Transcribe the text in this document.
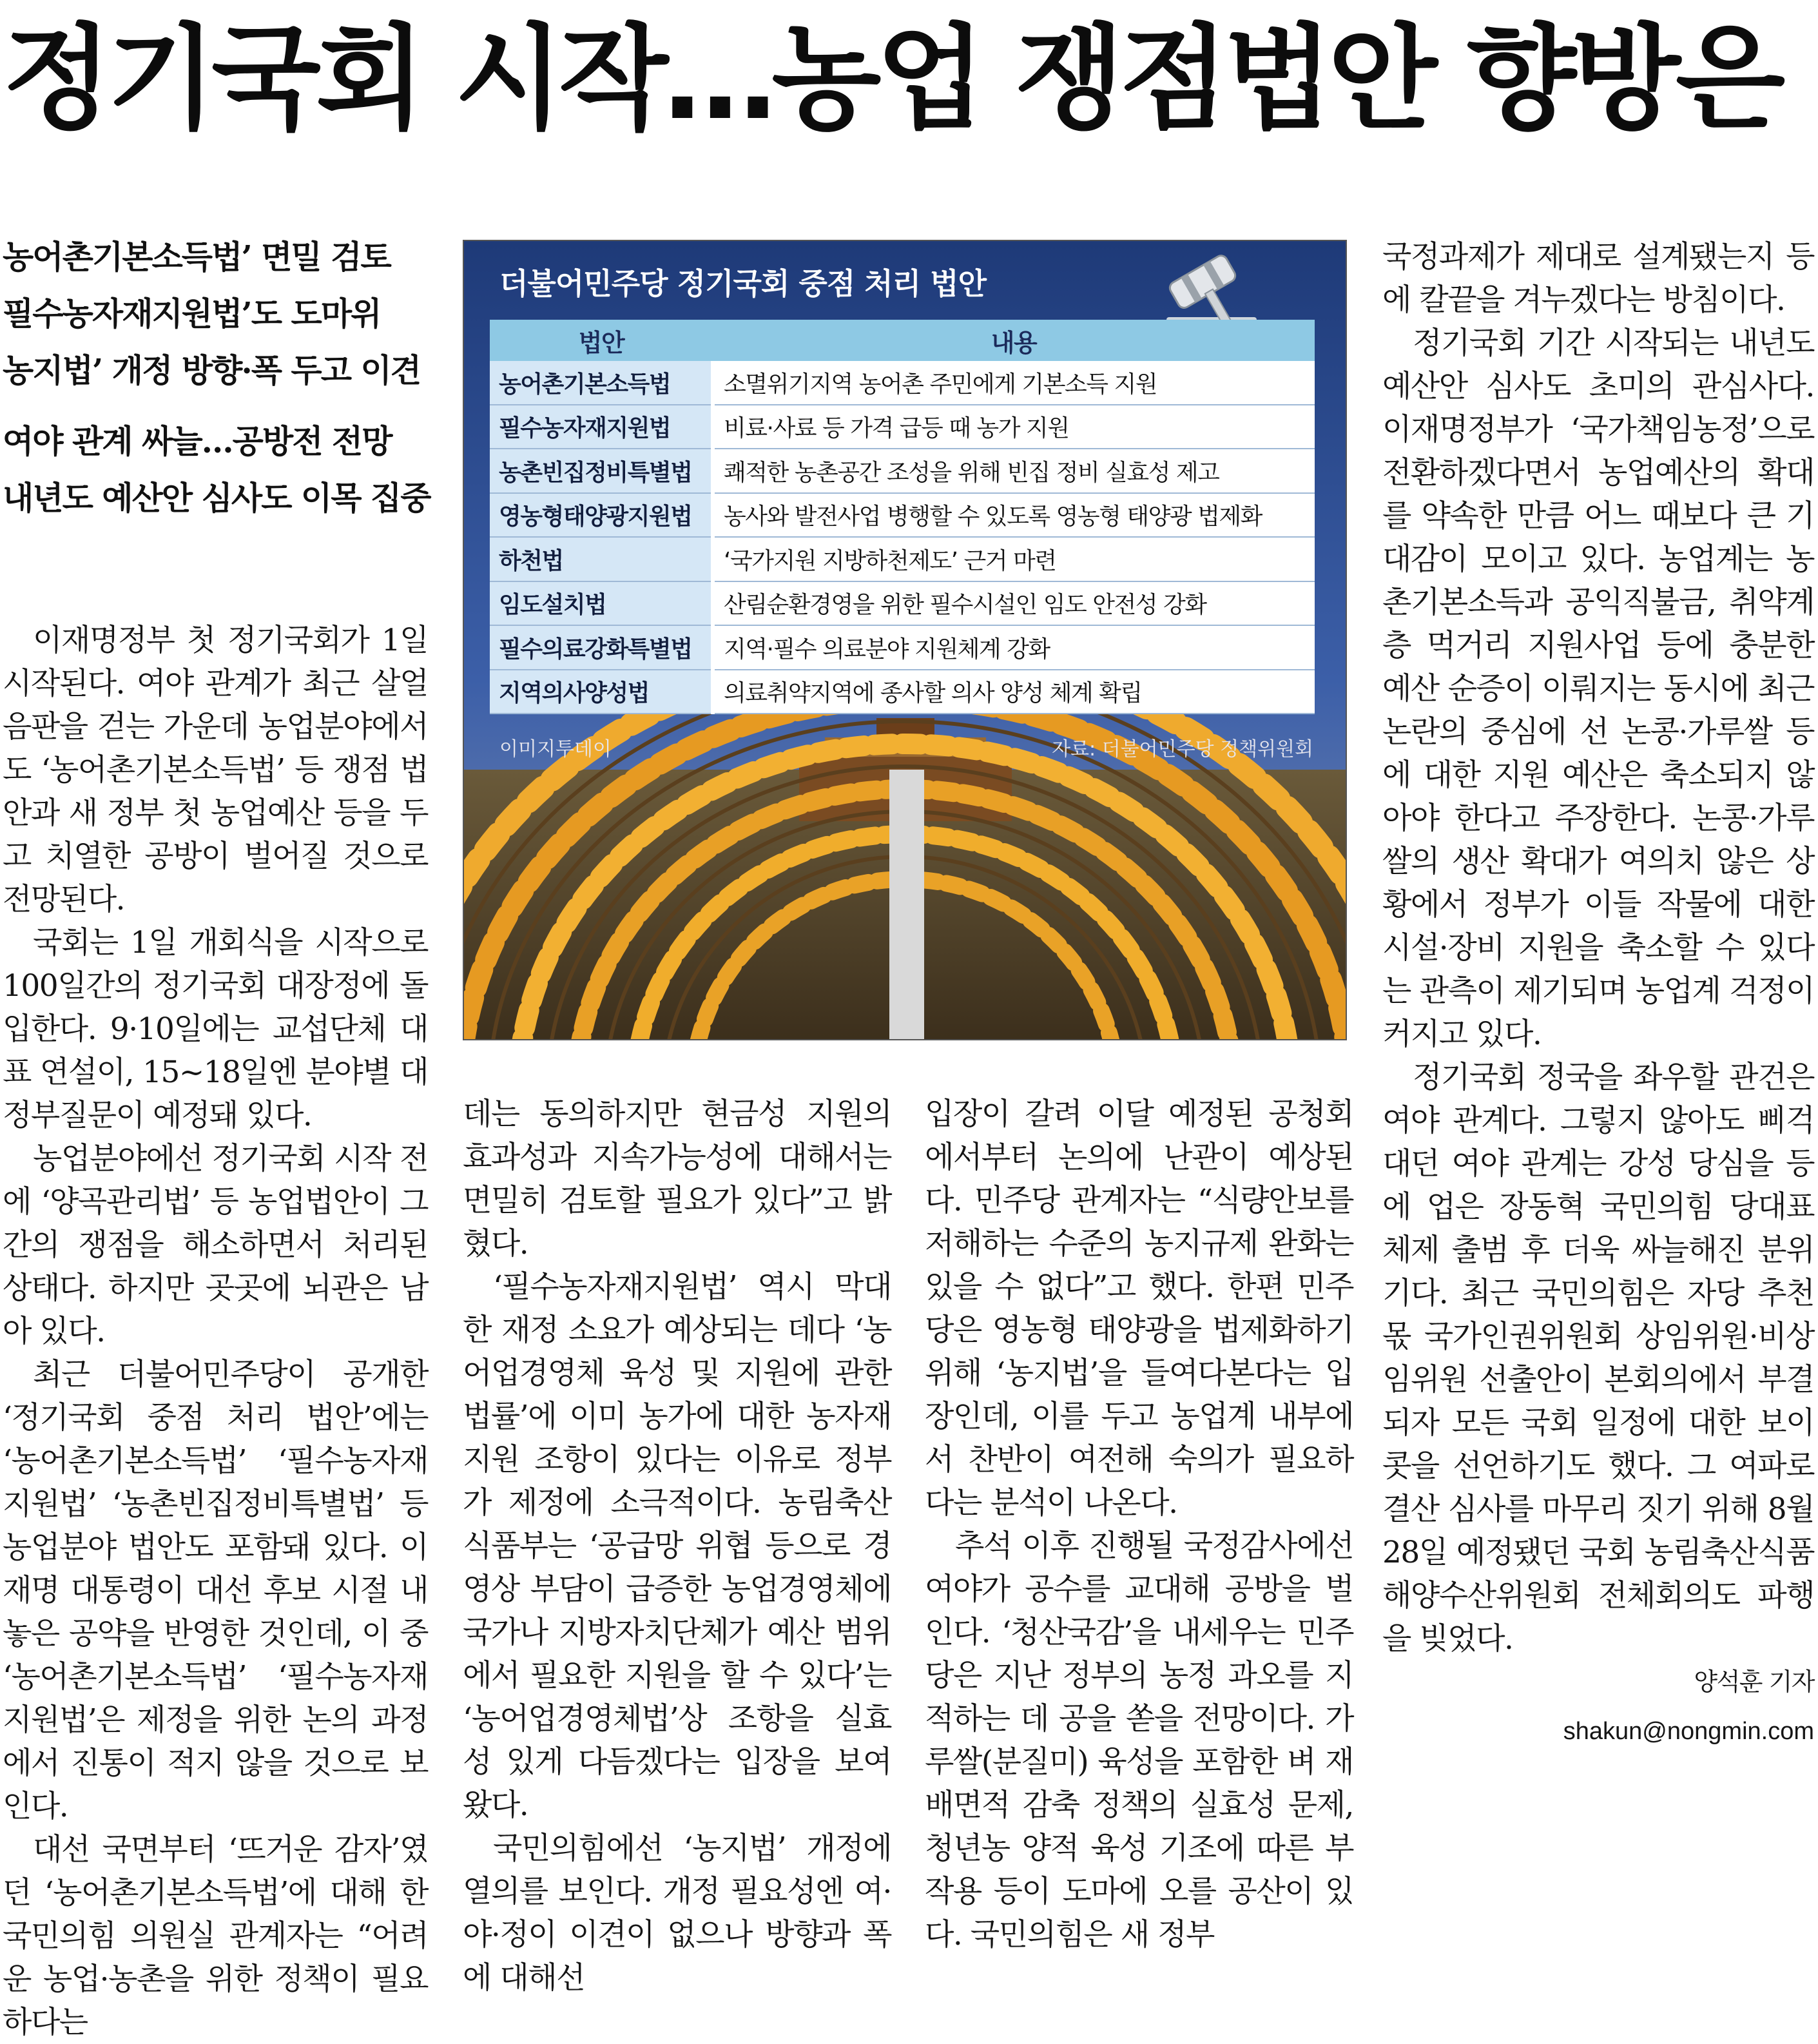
정기국회 시작…농업 쟁점법안 향방은
농어촌기본소득법’ 면밀 검토
필수농자재지원법’도 도마위
농지법’ 개정 방향·폭 두고 이견
여야 관계 싸늘…공방전 전망
내년도 예산안 심사도 이목 집중
더불어민주당 정기국회 중점 처리 법안
법안	내용
농어촌기본소득법	소멸위기지역 농어촌 주민에게 기본소득 지원
필수농자재지원법	비료·사료 등 가격 급등 때 농가 지원
농촌빈집정비특별법	쾌적한 농촌공간 조성을 위해 빈집 정비 실효성 제고
영농형태양광지원법	농사와 발전사업 병행할 수 있도록 영농형 태양광 법제화
하천법	‘국가지원 지방하천제도’ 근거 마련
임도설치법	산림순환경영을 위한 필수시설인 임도 안전성 강화
필수의료강화특별법	지역·필수 의료분야 지원체계 강화
지역의사양성법	의료취약지역에 종사할 의사 양성 체계 확립
이미지투데이	자료: 더불어민주당 정책위원회

이재명정부 첫 정기국회가 1일 시작된다. 여야 관계가 최근 살얼음판을 걷는 가운데 농업분야에서도 ‘농어촌기본소득법’ 등 쟁점 법안과 새 정부 첫 농업예산 등을 두고 치열한 공방이 벌어질 것으로 전망된다.

국회는 1일 개회식을 시작으로 100일간의 정기국회 대장정에 돌입한다. 9·10일에는 교섭단체 대표 연설이, 15~18일엔 분야별 대정부질문이 예정돼 있다.

농업분야에선 정기국회 시작 전에 ‘양곡관리법’ 등 농업법안이 그간의 쟁점을 해소하면서 처리된 상태다. 하지만 곳곳에 뇌관은 남아 있다.

최근 더불어민주당이 공개한 ‘정기국회 중점 처리 법안’에는 ‘농어촌기본소득법’ ‘필수농자재지원법’ ‘농촌빈집정비특별법’ 등 농업분야 법안도 포함돼 있다. 이재명 대통령이 대선 후보 시절 내놓은 공약을 반영한 것인데, 이 중 ‘농어촌기본소득법’ ‘필수농자재지원법’은 제정을 위한 논의 과정에서 진통이 적지 않을 것으로 보인다.

대선 국면부터 ‘뜨거운 감자’였던 ‘농어촌기본소득법’에 대해 한 국민의힘 의원실 관계자는 “어려운 농업·농촌을 위한 정책이 필요하다는

데는 동의하지만 현금성 지원의 효과성과 지속가능성에 대해서는 면밀히 검토할 필요가 있다”고 밝혔다.

‘필수농자재지원법’ 역시 막대한 재정 소요가 예상되는 데다 ‘농어업경영체 육성 및 지원에 관한 법률’에 이미 농가에 대한 농자재 지원 조항이 있다는 이유로 정부가 제정에 소극적이다. 농림축산식품부는 ‘공급망 위협 등으로 경영상 부담이 급증한 농업경영체에 국가나 지방자치단체가 예산 범위에서 필요한 지원을 할 수 있다’는 ‘농어업경영체법’상 조항을 실효성 있게 다듬겠다는 입장을 보여왔다.

국민의힘에선 ‘농지법’ 개정에 열의를 보인다. 개정 필요성엔 여·야·정이 이견이 없으나 방향과 폭에 대해선

입장이 갈려 이달 예정된 공청회에서부터 논의에 난관이 예상된다. 민주당 관계자는 “식량안보를 저해하는 수준의 농지규제 완화는 있을 수 없다”고 했다. 한편 민주당은 영농형 태양광을 법제화하기 위해 ‘농지법’을 들여다본다는 입장인데, 이를 두고 농업계 내부에서 찬반이 여전해 숙의가 필요하다는 분석이 나온다.

추석 이후 진행될 국정감사에선 여야가 공수를 교대해 공방을 벌인다. ‘청산국감’을 내세우는 민주당은 지난 정부의 농정 과오를 지적하는 데 공을 쏟을 전망이다. 가루쌀(분질미) 육성을 포함한 벼 재배면적 감축 정책의 실효성 문제, 청년농 양적 육성 기조에 따른 부작용 등이 도마에 오를 공산이 있다. 국민의힘은 새 정부

국정과제가 제대로 설계됐는지 등에 칼끝을 겨누겠다는 방침이다.

정기국회 기간 시작되는 내년도 예산안 심사도 초미의 관심사다. 이재명정부가 ‘국가책임농정’으로 전환하겠다면서 농업예산의 확대를 약속한 만큼 어느 때보다 큰 기대감이 모이고 있다. 농업계는 농촌기본소득과 공익직불금, 취약계층 먹거리 지원사업 등에 충분한 예산 순증이 이뤄지는 동시에 최근 논란의 중심에 선 논콩·가루쌀 등에 대한 지원 예산은 축소되지 않아야 한다고 주장한다. 논콩·가루쌀의 생산 확대가 여의치 않은 상황에서 정부가 이들 작물에 대한 시설·장비 지원을 축소할 수 있다는 관측이 제기되며 농업계 걱정이 커지고 있다.

정기국회 정국을 좌우할 관건은 여야 관계다. 그렇지 않아도 삐걱대던 여야 관계는 강성 당심을 등에 업은 장동혁 국민의힘 당대표 체제 출범 후 더욱 싸늘해진 분위기다. 최근 국민의힘은 자당 추천 몫 국가인권위원회 상임위원·비상임위원 선출안이 본회의에서 부결되자 모든 국회 일정에 대한 보이콧을 선언하기도 했다. 그 여파로 결산 심사를 마무리 짓기 위해 8월28일 예정됐던 국회 농림축산식품해양수산위원회 전체회의도 파행을 빚었다.

양석훈 기자
shakun@nongmin.com
